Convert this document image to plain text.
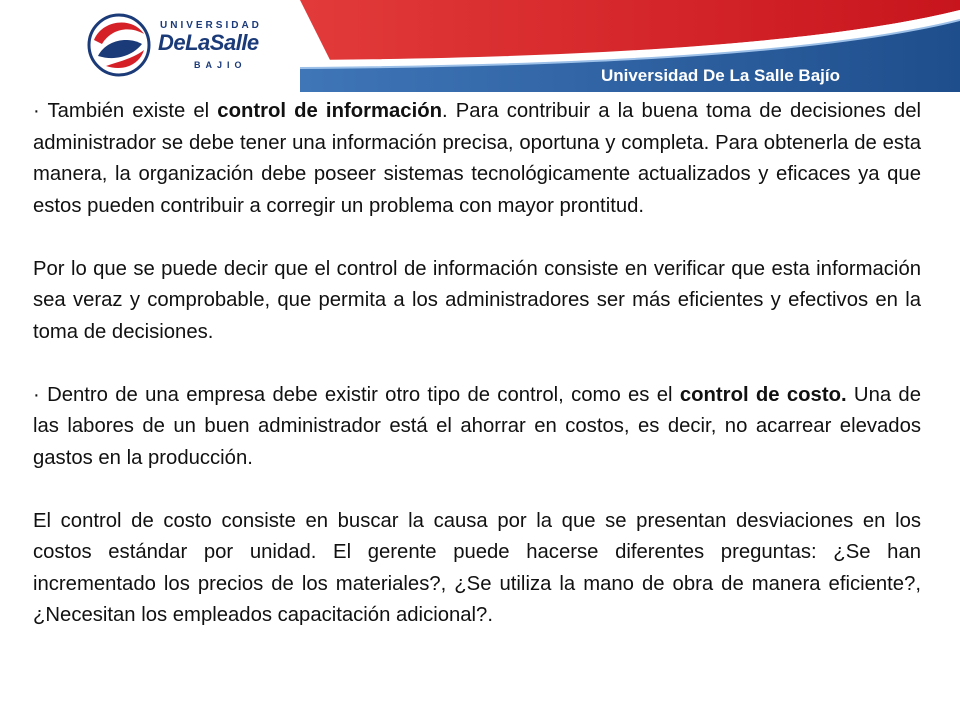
UNIVERSIDAD
DeLaSalle
BAJIO
Universidad De La Salle Bajío

· También existe el control de información. Para contribuir a la buena toma de decisiones del administrador se debe tener una información precisa, oportuna y completa. Para obtenerla de esta manera, la organización debe poseer sistemas tecnológicamente actualizados y eficaces ya que estos pueden contribuir a corregir un problema con mayor prontitud.

Por lo que se puede decir que el control de información consiste en verificar que esta información sea veraz y comprobable, que permita a los administradores ser más eficientes y efectivos en la toma de decisiones.

· Dentro de una empresa debe existir otro tipo de control, como es el control de costo. Una de las labores de un buen administrador está el ahorrar en costos, es decir, no acarrear elevados gastos en la producción.

El control de costo consiste en buscar la causa por la que se presentan desviaciones en los costos estándar por unidad. El gerente puede hacerse diferentes preguntas: ¿Se han incrementado los precios de los materiales?, ¿Se utiliza la mano de obra de manera eficiente?, ¿Necesitan los empleados capacitación adicional?.
